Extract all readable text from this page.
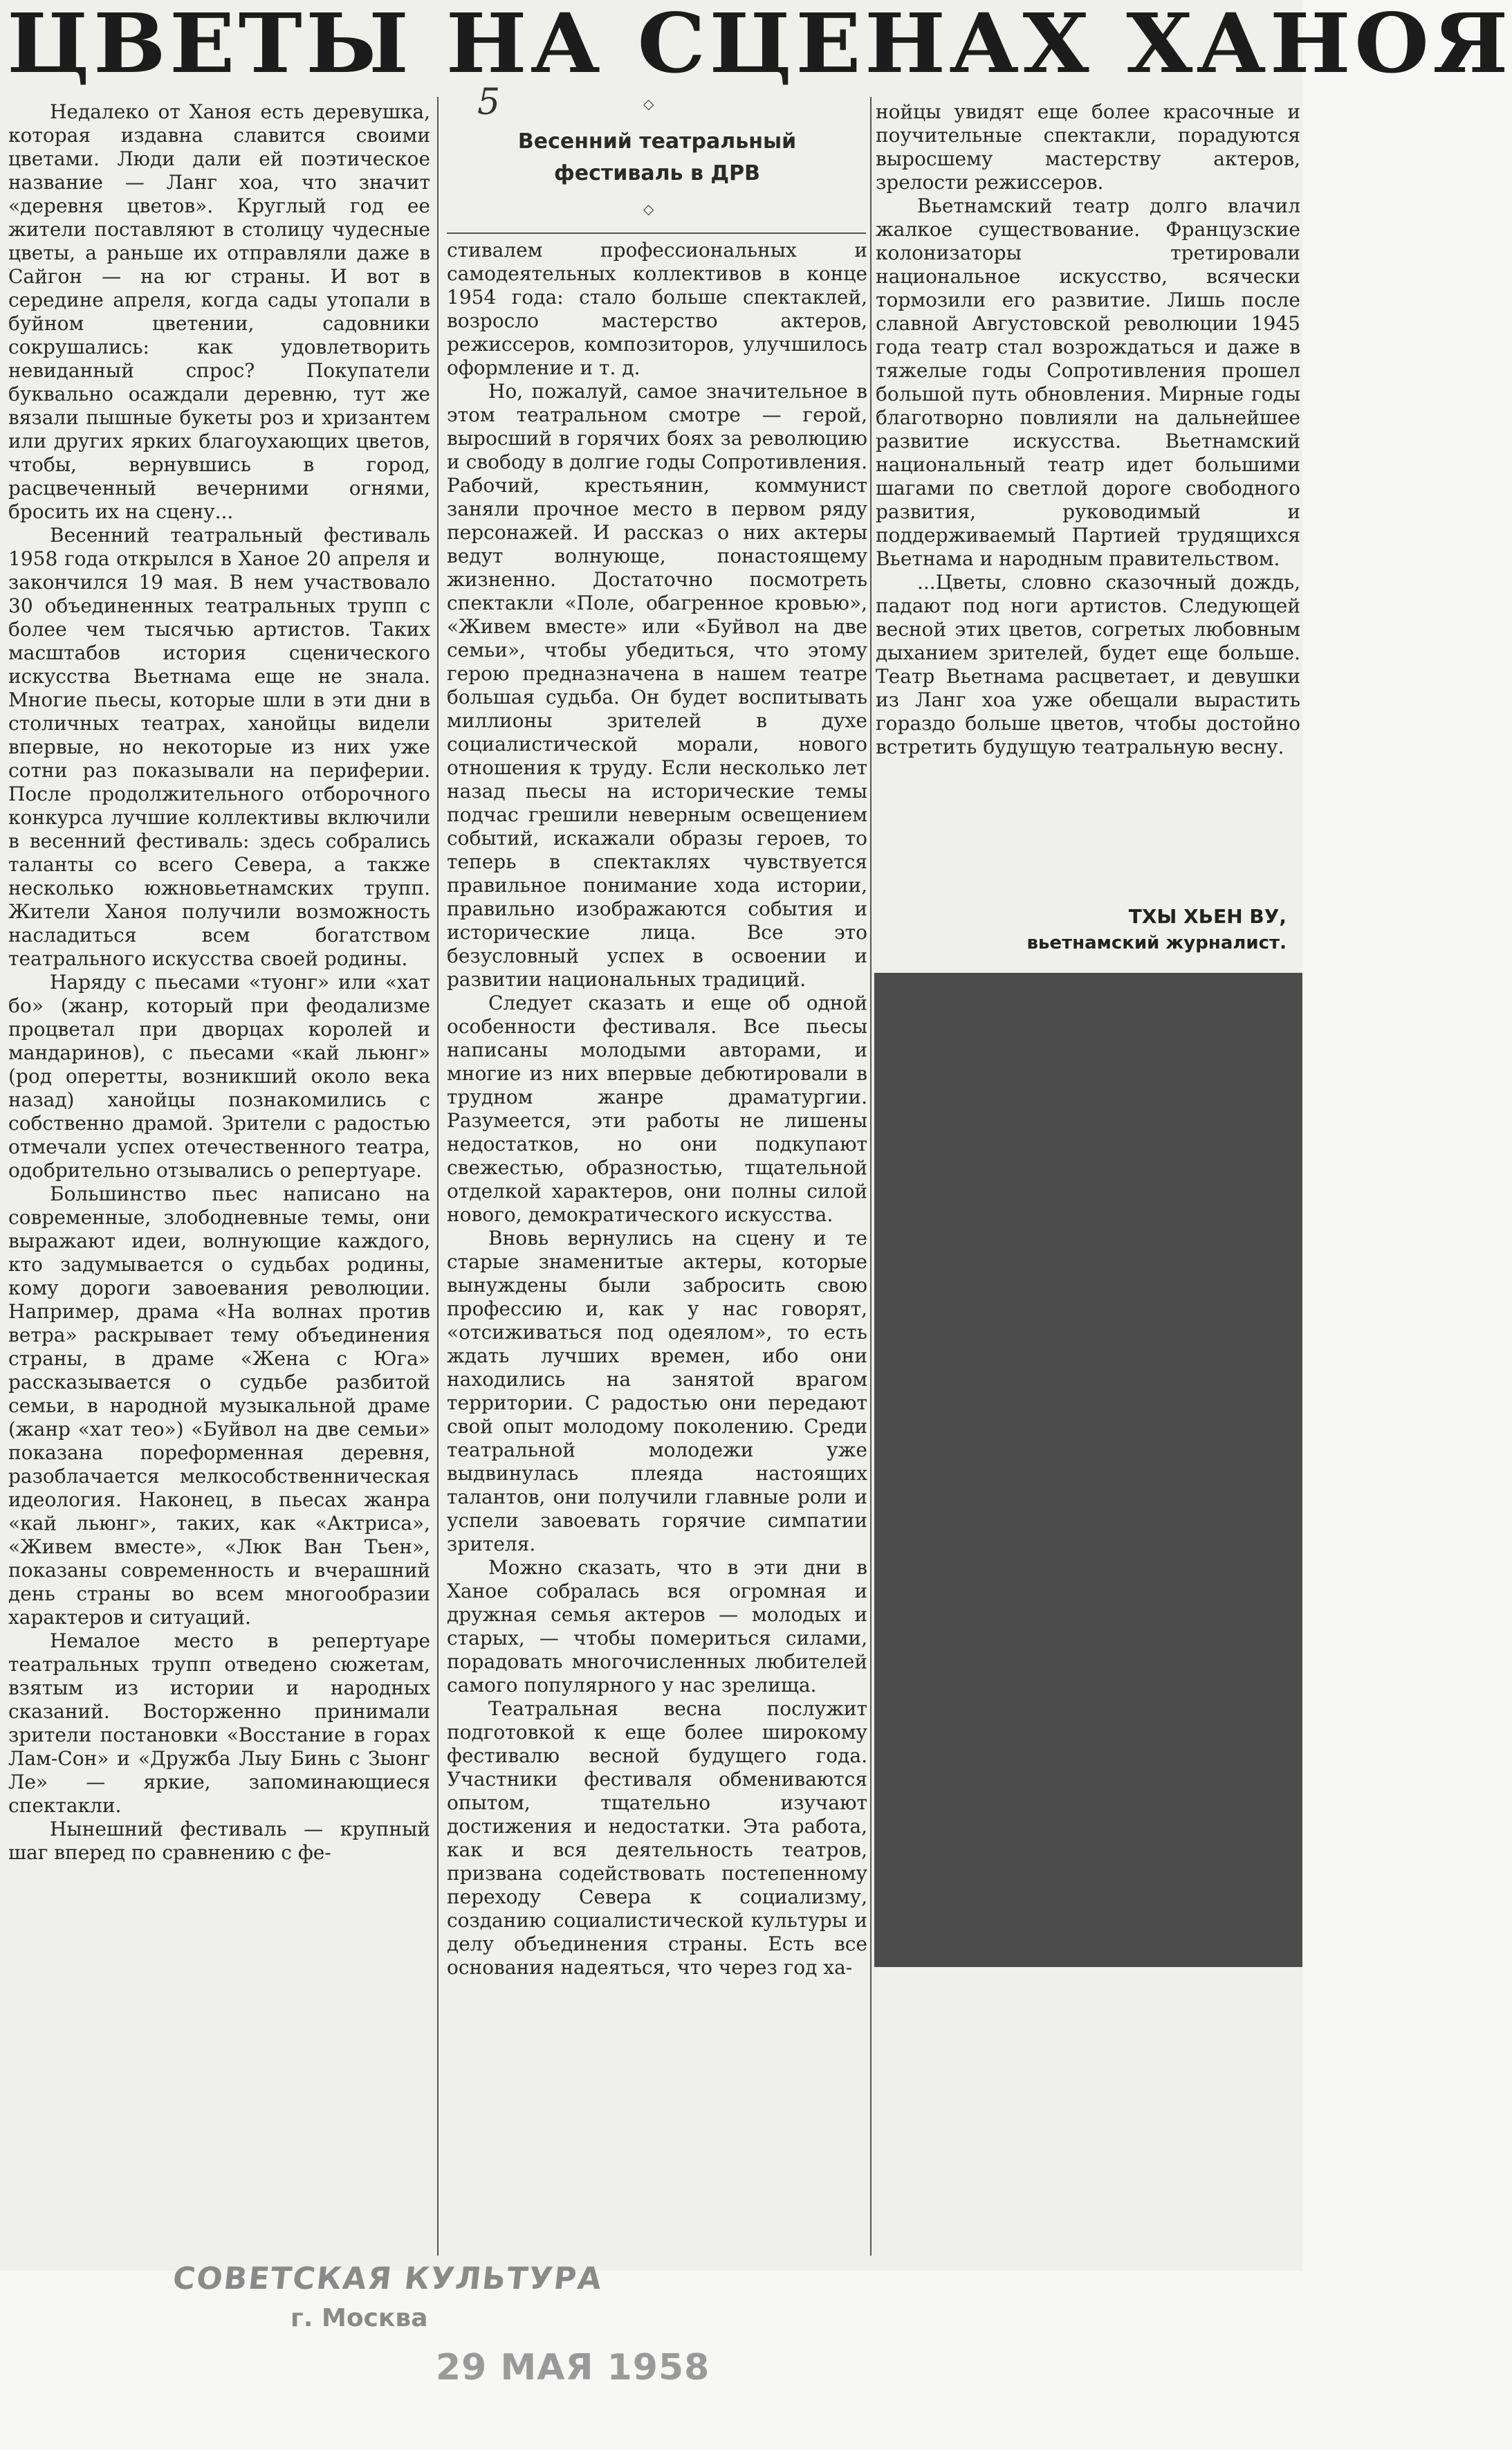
ЦВЕТЫ НА СЦЕНАХ ХАНОЯ
5	◇
Весенний театральный
фестиваль в ДРВ
◇

Недалеко от Ханоя есть деревушка, которая издавна славится своими цветами. Люди дали ей поэтическое название — Ланг хоа, что значит «деревня цветов». Круглый год ее жители поставляют в столицу чудесные цветы, а раньше их отправляли даже в Сайгон — на юг страны. И вот в середине апреля, когда сады утопали в буйном цветении, садовники сокрушались: как удовлетворить невиданный спрос? Покупатели буквально осаждали деревню, тут же вязали пышные букеты роз и хризантем или других ярких благоухающих цветов, чтобы, вернувшись в город, расцвеченный вечерними огнями, бросить их на сцену...

Весенний театральный фестиваль 1958 года открылся в Ханое 20 апреля и закончился 19 мая. В нем участвовало 30 объединенных театральных трупп с более чем тысячью артистов. Таких масштабов история сценического искусства Вьетнама еще не знала. Многие пьесы, которые шли в эти дни в столичных театрах, ханойцы видели впервые, но некоторые из них уже сотни раз показывали на периферии. После продолжительного отборочного конкурса лучшие коллективы включили в весенний фестиваль: здесь собрались таланты со всего Севера, а также несколько южновьетнамских трупп. Жители Ханоя получили возможность насладиться всем богатством театрального искусства своей родины.

Наряду с пьесами «туонг» или «хат бо» (жанр, который при феодализме процветал при дворцах королей и мандаринов), с пьесами «кай льюнг» (род оперетты, возникший около века назад) ханойцы познакомились с собственно драмой. Зрители с радостью отмечали успех отечественного театра, одобрительно отзывались о репертуаре.

Большинство пьес написано на современные, злободневные темы, они выражают идеи, волнующие каждого, кто задумывается о судьбах родины, кому дороги завоевания революции. Например, драма «На волнах против ветра» раскрывает тему объединения страны, в драме «Жена с Юга» рассказывается о судьбе разбитой семьи, в народной музыкальной драме (жанр «хат тео») «Буйвол на две семьи» показана пореформенная деревня, разоблачается мелкособственническая идеология. Наконец, в пьесах жанра «кай льюнг», таких, как «Актриса», «Живем вместе», «Люк Ван Тьен», показаны современность и вчерашний день страны во всем многообразии характеров и ситуаций.

Немалое место в репертуаре театральных трупп отведено сюжетам, взятым из истории и народных сказаний. Восторженно принимали зрители постановки «Восстание в горах Лам-Сон» и «Дружба Лыу Бинь с Зыонг Ле» — яркие, запоминающиеся спектакли.

Нынешний фестиваль — крупный шаг вперед по сравнению с фе-

стивалем профессиональных и самодеятельных коллективов в конце 1954 года: стало больше спектаклей, возросло мастерство актеров, режиссеров, композиторов, улучшилось оформление и т. д.

Но, пожалуй, самое значительное в этом театральном смотре — герой, выросший в горячих боях за революцию и свободу в долгие годы Сопротивления. Рабочий, крестьянин, коммунист заняли прочное место в первом ряду персонажей. И рассказ о них актеры ведут волнующе, понастоящему жизненно. Достаточно посмотреть спектакли «Поле, обагренное кровью», «Живем вместе» или «Буйвол на две семьи», чтобы убедиться, что этому герою предназначена в нашем театре большая судьба. Он будет воспитывать миллионы зрителей в духе социалистической морали, нового отношения к труду. Если несколько лет назад пьесы на исторические темы подчас грешили неверным освещением событий, искажали образы героев, то теперь в спектаклях чувствуется правильное понимание хода истории, правильно изображаются события и исторические лица. Все это безусловный успех в освоении и развитии национальных традиций.

Следует сказать и еще об одной особенности фестиваля. Все пьесы написаны молодыми авторами, и многие из них впервые дебютировали в трудном жанре драматургии. Разумеется, эти работы не лишены недостатков, но они подкупают свежестью, образностью, тщательной отделкой характеров, они полны силой нового, демократического искусства.

Вновь вернулись на сцену и те старые знаменитые актеры, которые вынуждены были забросить свою профессию и, как у нас говорят, «отсиживаться под одеялом», то есть ждать лучших времен, ибо они находились на занятой врагом территории. С радостью они передают свой опыт молодому поколению. Среди театральной молодежи уже выдвинулась плеяда настоящих талантов, они получили главные роли и успели завоевать горячие симпатии зрителя.

Можно сказать, что в эти дни в Ханое собралась вся огромная и дружная семья актеров — молодых и старых, — чтобы помериться силами, порадовать многочисленных любителей самого популярного у нас зрелища.

Театральная весна послужит подготовкой к еще более широкому фестивалю весной будущего года. Участники фестиваля обмениваются опытом, тщательно изучают достижения и недостатки. Эта работа, как и вся деятельность театров, призвана содействовать постепенному переходу Севера к социализму, созданию социалистической культуры и делу объединения страны. Есть все основания надеяться, что через год ха-

нойцы увидят еще более красочные и поучительные спектакли, порадуются выросшему мастерству актеров, зрелости режиссеров.

Вьетнамский театр долго влачил жалкое существование. Французские колонизаторы третировали национальное искусство, всячески тормозили его развитие. Лишь после славной Августовской революции 1945 года театр стал возрождаться и даже в тяжелые годы Сопротивления прошел большой путь обновления. Мирные годы благотворно повлияли на дальнейшее развитие искусства. Вьетнамский национальный театр идет большими шагами по светлой дороге свободного развития, руководимый и поддерживаемый Партией трудящихся Вьетнама и народным правительством.

...Цветы, словно сказочный дождь, падают под ноги артистов. Следующей весной этих цветов, согретых любовным дыханием зрителей, будет еще больше. Театр Вьетнама расцветает, и девушки из Ланг хоа уже обещали вырастить гораздо больше цветов, чтобы достойно встретить будущую театральную весну.

ТХЫ ХЬЕН ВУ,
вьетнамский журналист.
СОВЕТСКАЯ КУЛЬТУРА
г. Москва
29 МАЯ 1958
